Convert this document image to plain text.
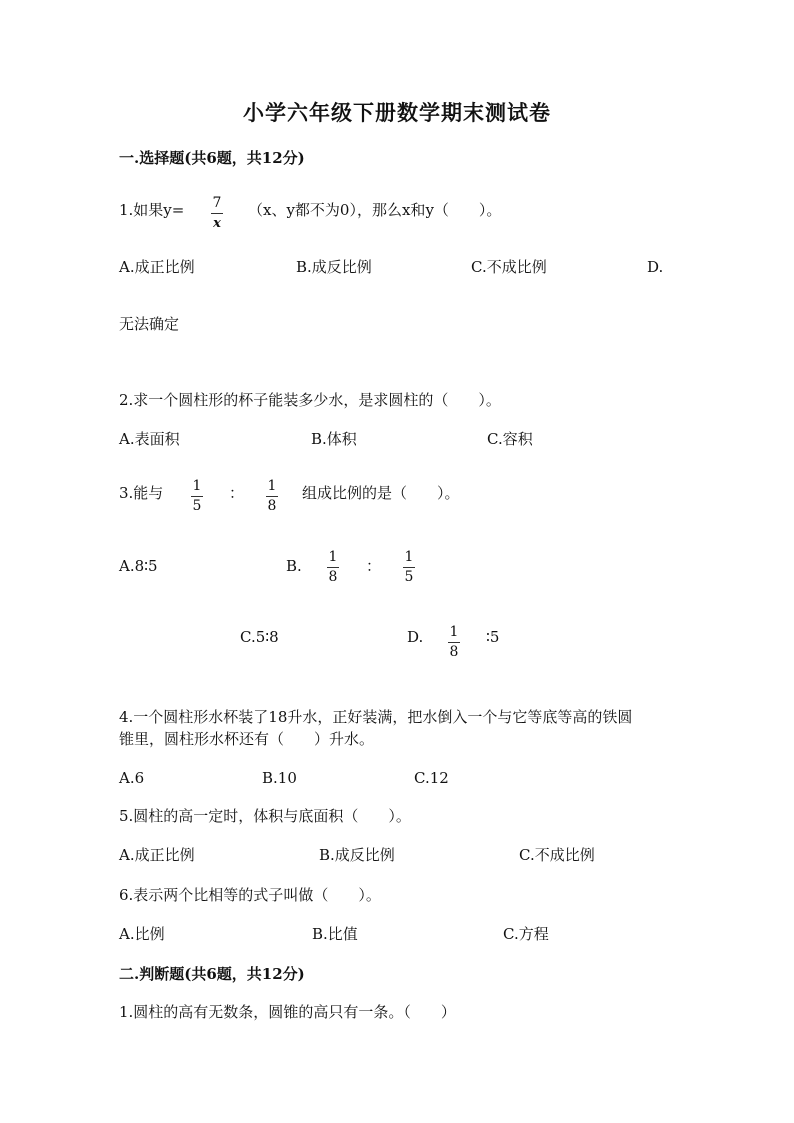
小学六年级下册数学期末测试卷
一.选择题(共6题，共12分)
1.如果y= 7
x
（x、y都不为0），那么x和y（　　）。
A.成正比例	B.成反比例	C.不成比例	D.
无法确定
2.求一个圆柱形的杯子能装多少水，是求圆柱的（　　）。
A.表面积	B.体积	C.容积
3.能与 1
5
： 1
8
组成比例的是（　　）。
A.8∶5	B. 1
8
： 1
5
C.5∶8	D. 1
8
∶5
4.一个圆柱形水杯装了18升水，正好装满，把水倒入一个与它等底等高的铁圆
锥里，圆柱形水杯还有（　　）升水。
A.6	B.10	C.12
5.圆柱的高一定时，体积与底面积（　　）。
A.成正比例	B.成反比例	C.不成比例
6.表示两个比相等的式子叫做（　　）。
A.比例	B.比值	C.方程
二.判断题(共6题，共12分)
1.圆柱的高有无数条，圆锥的高只有一条。（　　）
